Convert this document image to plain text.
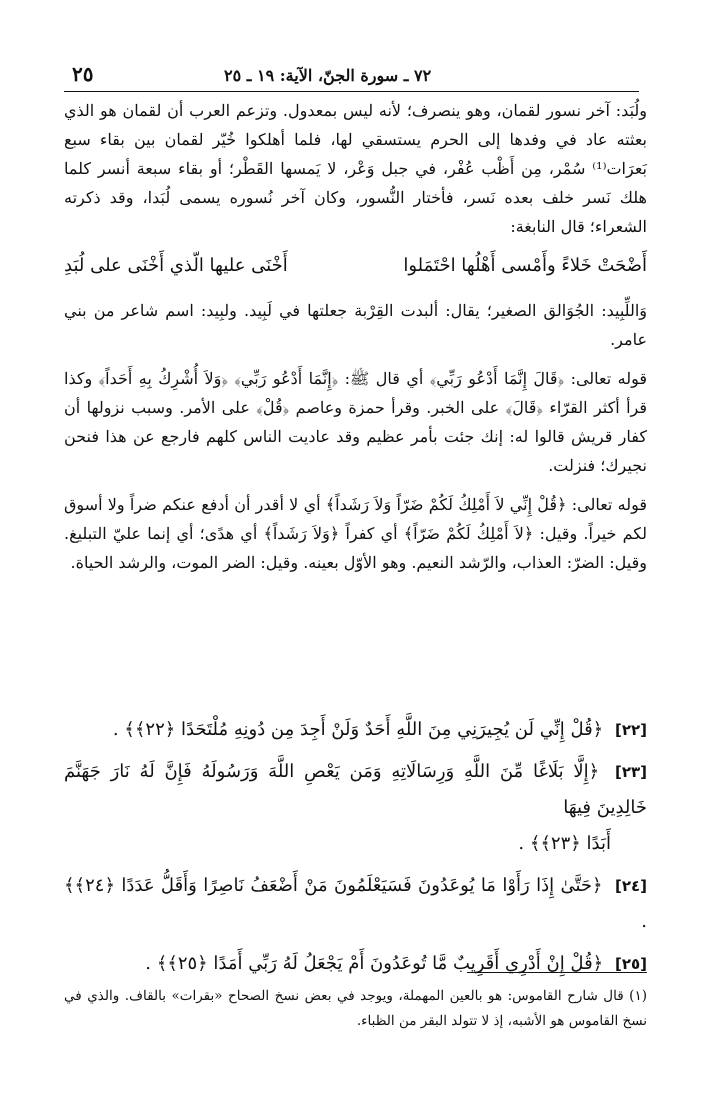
٢٥	٧٢ ـ سورة الجنّ، الآية: ١٩ ـ ٢٥

ولُبَد: آخر نسور لقمان، وهو ينصرف؛ لأنه ليس بمعدول. وتزعم العرب أن لقمان هو الذي بعثته عاد في وفدها إلى الحرم يستسقي لها، فلما أهلكوا خُيّر لقمان بين بقاء سبع بَعرَات⁽¹⁾ سُمْر، مِن أَظْب عُفْر، في جبل وَعْر، لا يَمسها القَطْر؛ أو بقاء سبعة أنسر كلما هلك نَسر خلف بعده نَسر، فأختار النُّسور، وكان آخر نُسوره يسمى لُبَدا، وقد ذكرته الشعراء؛ قال النابغة:

أَضْحَتْ خَلاءً وأَمْسى أَهْلُها احْتَمَلوا
أَخْنَى عليها الّذي أَخْنَى على لُبَدِ

وَاللِّبِيد: الجُوَالق الصغير؛ يقال: ألبدت القِرْبة جعلتها في لَبِيد. ولبِيد: اسم شاعر من بني عامر.

قوله تعالى: ﴿قَالَ إِنَّمَا أَدْعُو رَبِّي﴾ أي قال ﷺ: ﴿إِنَّمَا أَدْعُو رَبِّي﴾ ﴿وَلاَ أُشْرِكُ بِهِ أَحَداً﴾ وكذا قرأ أكثر القرّاء ﴿قَالَ﴾ على الخبر. وقرأ حمزة وعاصم ﴿قُلْ﴾ على الأمر. وسبب نزولها أن كفار قريش قالوا له: إنك جئت بأمر عظيم وقد عاديت الناس كلهم فارجع عن هذا فنحن نجيرك؛ فنزلت.

قوله تعالى: ﴿قُلْ إِنِّي لاَ أَمْلِكُ لَكُمْ ضَرّاً وَلاَ رَشَداً﴾ أي لا أقدر أن أدفع عنكم ضراً ولا أسوق لكم خيراً. وقيل: ﴿لاَ أَمْلِكُ لَكُمْ ضَرّاً﴾ أي كفراً ﴿وَلاَ رَشَداً﴾ أي هدًى؛ أي إنما عليّ التبليغ. وقيل: الضرّ: العذاب، والرّشد النعيم. وهو الأوّل بعينه. وقيل: الضر الموت، والرشد الحياة.

[٢٢] ﴿قُلْ إِنِّي لَن يُجِيرَنِي مِنَ اللَّهِ أَحَدٌ وَلَنْ أَجِدَ مِن دُونِهِ مُلْتَحَدًا ﴿٢٢﴾﴾ .
[٢٣] ﴿إِلَّا بَلَاغًا مِّنَ اللَّهِ وَرِسَالَاتِهِ وَمَن يَعْصِ اللَّهَ وَرَسُولَهُ فَإِنَّ لَهُ نَارَ جَهَنَّمَ خَالِدِينَ فِيهَا
أَبَدًا ﴿٢٣﴾﴾ .
[٢٤] ﴿حَتَّىٰ إِذَا رَأَوْا مَا يُوعَدُونَ فَسَيَعْلَمُونَ مَنْ أَضْعَفُ نَاصِرًا وَأَقَلُّ عَدَدًا ﴿٢٤﴾﴾ .
[٢٥] ﴿قُلْ إِنْ أَدْرِي أَقَرِيبٌ مَّا تُوعَدُونَ أَمْ يَجْعَلُ لَهُ رَبِّي أَمَدًا ﴿٢٥﴾﴾ .
(١) قال شارح القاموس: هو بالعين المهملة، ويوجد في بعض نسخ الصحاح «بقرات» بالقاف. والذي في نسخ القاموس هو الأشبه، إذ لا تتولد البقر من الظباء.
